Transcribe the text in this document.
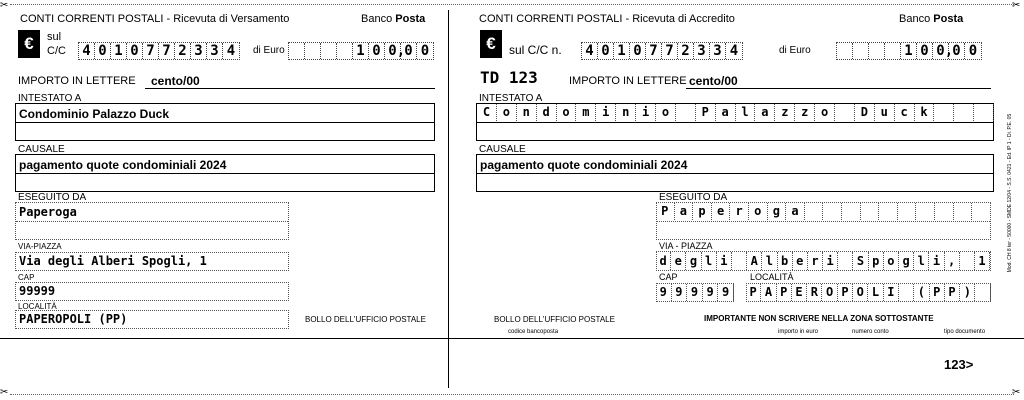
✂
✂
✂
✂
CONTI CORRENTI POSTALI - Ricevuta di Versamento	Banco Posta
€	sul
C/C 4 0 1 0 7 7 2 3 3 4	di Euro	1 0 0 , 0 0
IMPORTO IN LETTERE cento/00
INTESTATO A
Condominio Palazzo Duck
CAUSALE
pagamento quote condominiali 2024
ESEGUITO DA
Paperoga
VIA-PIAZZA
Via degli Alberi Spogli, 1
CAP
99999
LOCALITÀ
PAPEROPOLI (PP)	BOLLO DELL'UFFICIO POSTALE
CONTI CORRENTI POSTALI - Ricevuta di Accredito	Banco Posta
€	sul C/C n. 4 0 1 0 7 7 2 3 3 4	di Euro	1 0 0 , 0 0
TD 123	IMPORTO IN LETTERE cento/00
INTESTATO A
C	o	n	d	o	m	i	n	i	o	P	a	l	a	z	z	o	D	u	c	k
CAUSALE
pagamento quote condominiali 2024
ESEGUITO DA
P a p e r o g a
VIA - PIAZZA
d e g l i	A l b e r i	S p o g l i ,	1
CAP	LOCALITÀ
9 9 9 9 9	P A P E R O P O L I	( P P )
BOLLO DELL'UFFICIO POSTALE	IMPORTANTE NON SCRIVERE NELLA ZONA SOTTOSTANTE
codice bancoposta	importo in euro	numero conto	tipo documento
123>
Mod. CH 8 ter - 50000 - SMDE 12/04 - S.S. 0421 - Ed. IP 1 - Di. P.E. 05
